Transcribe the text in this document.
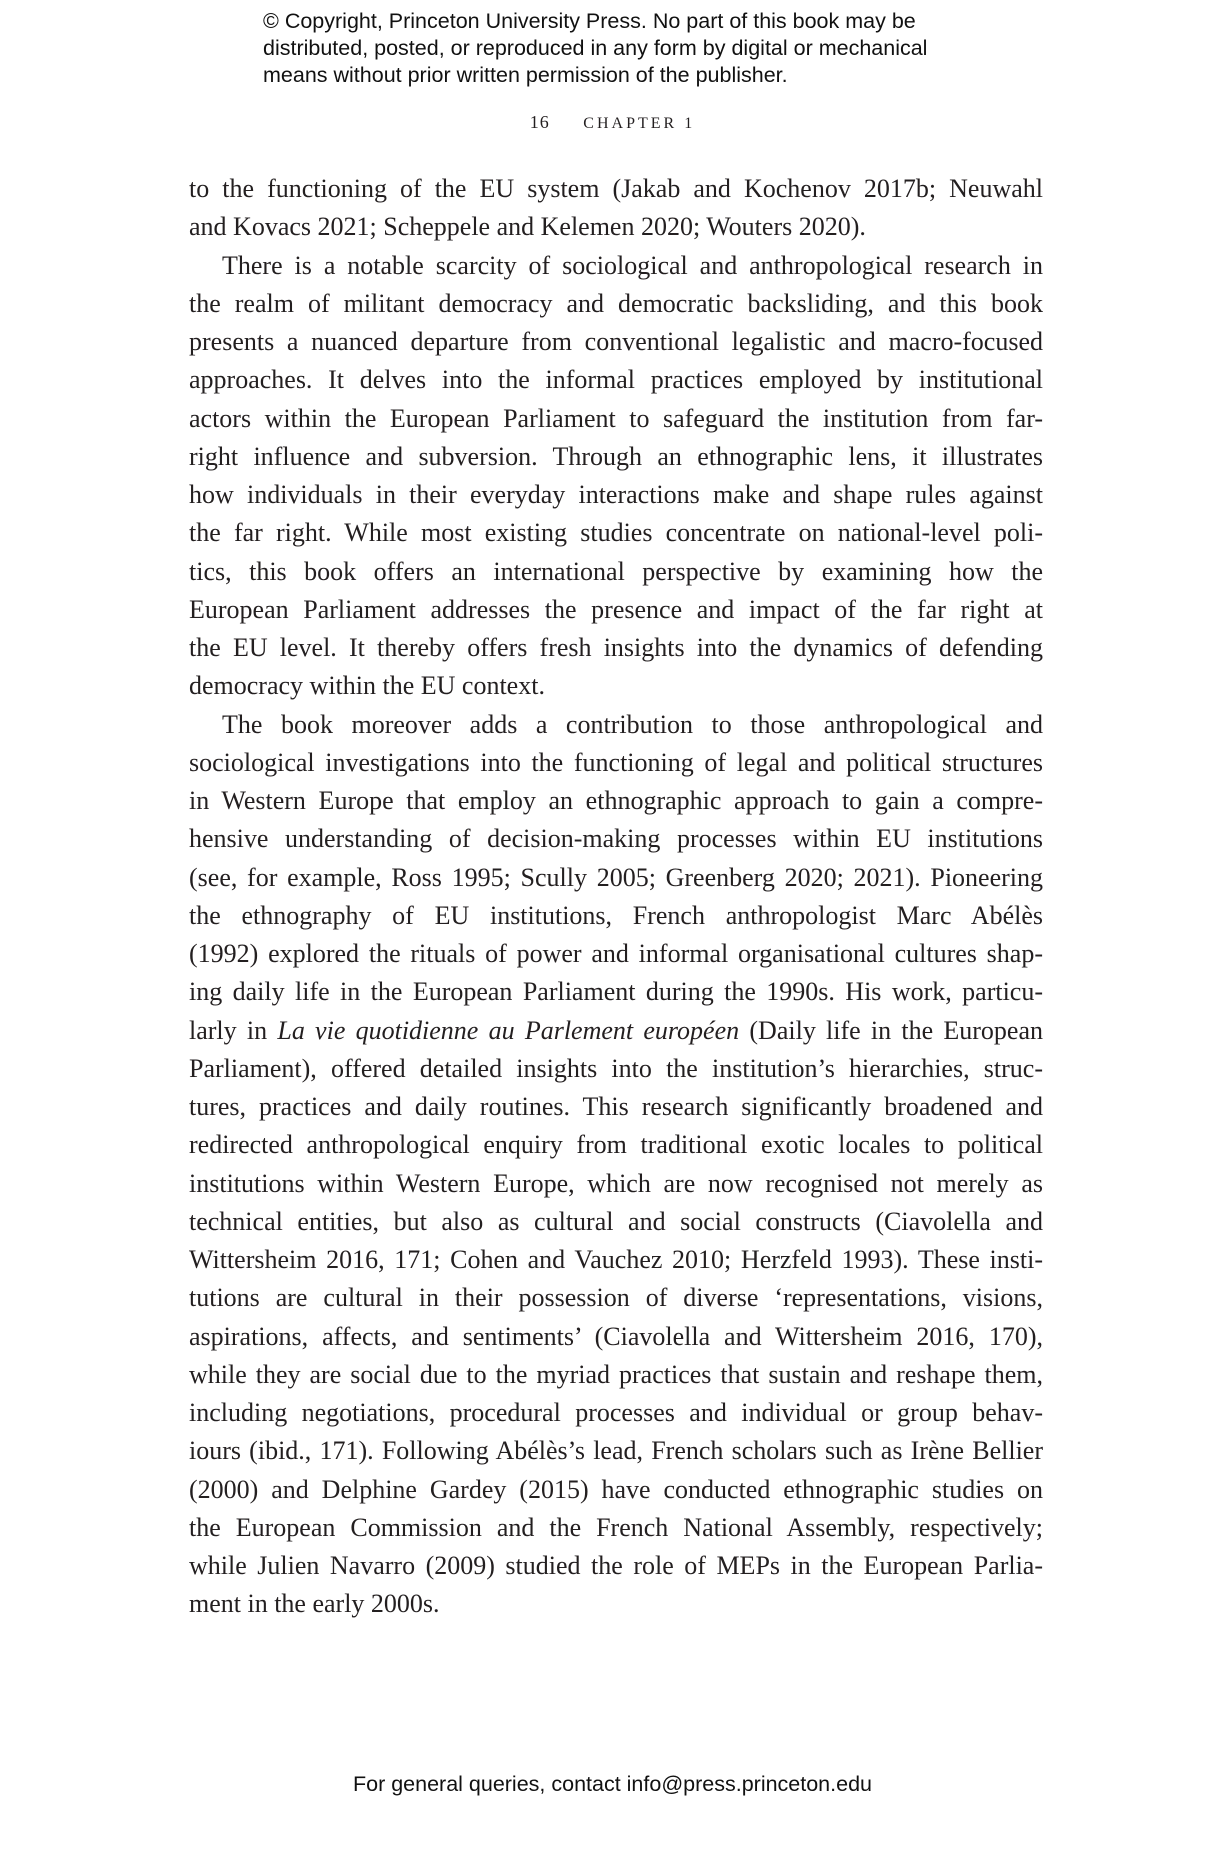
© Copyright, Princeton University Press. No part of this book may be
distributed, posted, or reproduced in any form by digital or mechanical
means without prior written permission of the publisher.
16 CHAPTER 1
to the functioning of the EU system (Jakab and Kochenov 2017b; Neuwahl
and Kovacs 2021; Scheppele and Kelemen 2020; Wouters 2020).
There is a notable scarcity of sociological and anthropological research in
the realm of militant democracy and democratic backsliding, and this book
presents a nuanced departure from conventional legalistic and macro-focused
approaches. It delves into the informal practices employed by institutional
actors within the European Parliament to safeguard the institution from far-
right influence and subversion. Through an ethnographic lens, it illustrates
how individuals in their everyday interactions make and shape rules against
the far right. While most existing studies concentrate on national-level poli-
tics, this book offers an international perspective by examining how the
European Parliament addresses the presence and impact of the far right at
the EU level. It thereby offers fresh insights into the dynamics of defending
democracy within the EU context.
The book moreover adds a contribution to those anthropological and
sociological investigations into the functioning of legal and political structures
in Western Europe that employ an ethnographic approach to gain a compre-
hensive understanding of decision-making processes within EU institutions
(see, for example, Ross 1995; Scully 2005; Greenberg 2020; 2021). Pioneering
the ethnography of EU institutions, French anthropologist Marc Abélès
(1992) explored the rituals of power and informal organisational cultures shap-
ing daily life in the European Parliament during the 1990s. His work, particu-
larly in La vie quotidienne au Parlement européen (Daily life in the European
Parliament), offered detailed insights into the institution’s hierarchies, struc-
tures, practices and daily routines. This research significantly broadened and
redirected anthropological enquiry from traditional exotic locales to political
institutions within Western Europe, which are now recognised not merely as
technical entities, but also as cultural and social constructs (Ciavolella and
Wittersheim 2016, 171; Cohen and Vauchez 2010; Herzfeld 1993). These insti-
tutions are cultural in their possession of diverse ‘representations, visions,
aspirations, affects, and sentiments’ (Ciavolella and Wittersheim 2016, 170),
while they are social due to the myriad practices that sustain and reshape them,
including negotiations, procedural processes and individual or group behav-
iours (ibid., 171). Following Abélès’s lead, French scholars such as Irène Bellier
(2000) and Delphine Gardey (2015) have conducted ethnographic studies on
the European Commission and the French National Assembly, respectively;
while Julien Navarro (2009) studied the role of MEPs in the European Parlia-
ment in the early 2000s.
For general queries, contact info@press.princeton.edu
